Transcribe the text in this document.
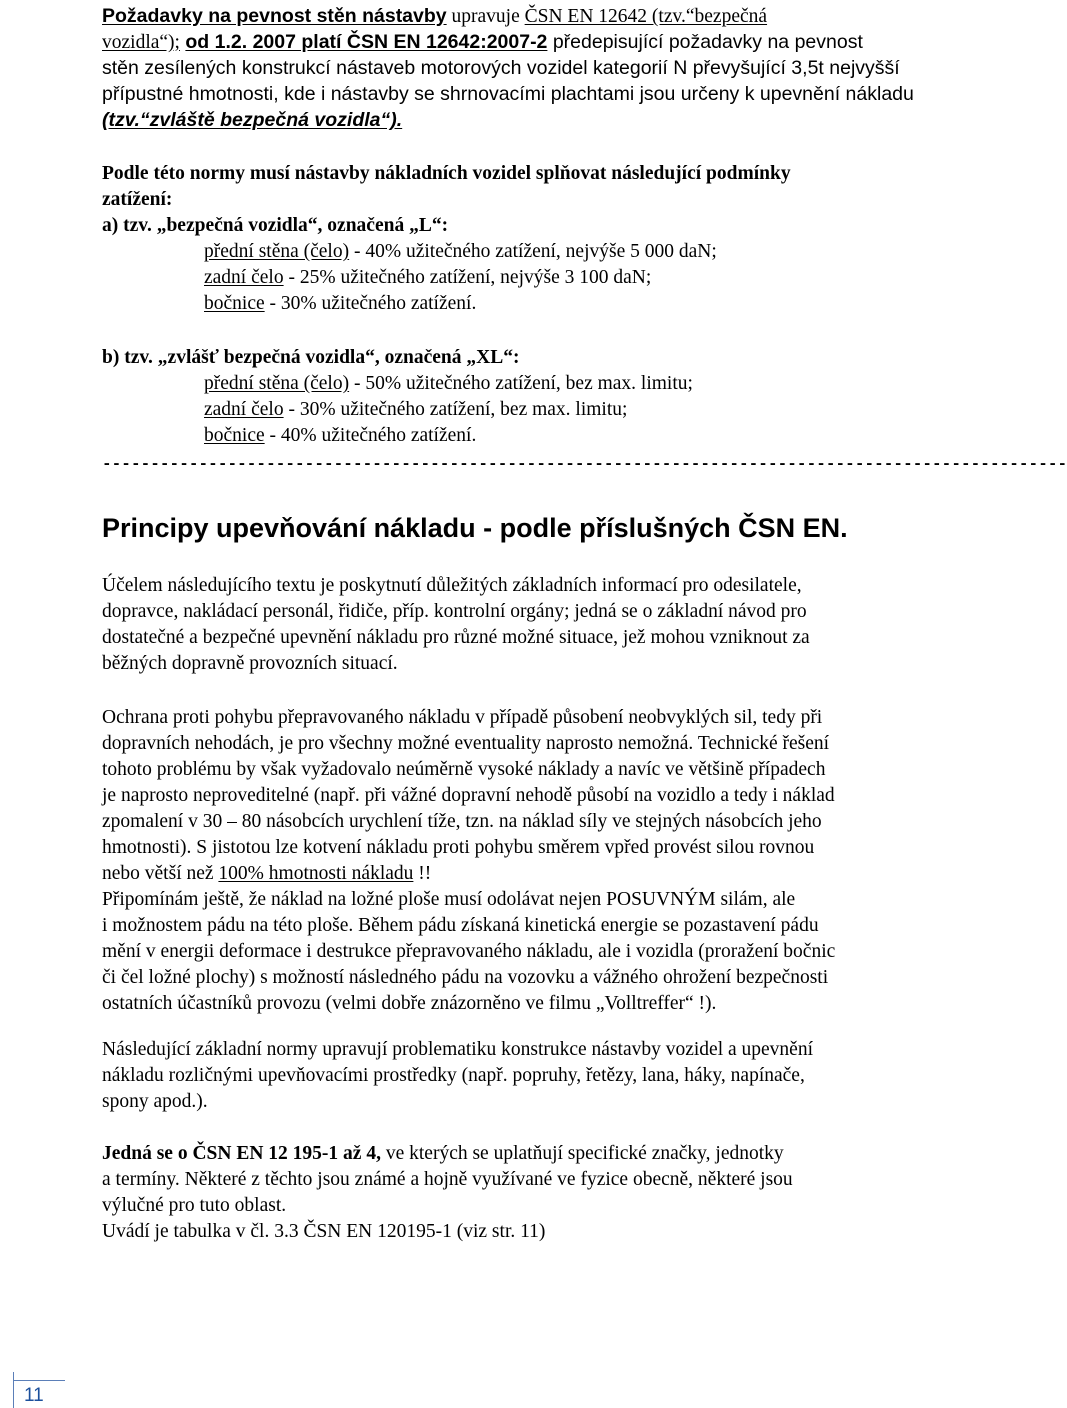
Požadavky na pevnost stěn nástavby upravuje ČSN EN 12642 (tzv.“bezpečná
vozidla“); od 1.2. 2007 platí ČSN EN 12642:2007-2 předepisující požadavky na pevnost
stěn zesílených konstrukcí nástaveb motorových vozidel kategorií N převyšující 3,5t nejvyšší
přípustné hmotnosti, kde i nástavby se shrnovacími plachtami jsou určeny k upevnění nákladu
(tzv.“zvláště bezpečná vozidla“).
Podle této normy musí nástavby nákladních vozidel splňovat následující podmínky
zatížení:
a) tzv. „bezpečná vozidla“, označená „L“:
přední stěna (čelo) - 40% užitečného zatížení, nejvýše 5 000 daN;
zadní čelo - 25% užitečného zatížení, nejvýše 3 100 daN;
bočnice - 30% užitečného zatížení.
b) tzv. „zvlášť bezpečná vozidla“, označená „XL“:
přední stěna (čelo) - 50% užitečného zatížení, bez max. limitu;
zadní čelo - 30% užitečného zatížení, bez max. limitu;
bočnice - 40% užitečného zatížení.
----------------------------------------------------------------------------------------------------
Principy upevňování nákladu - podle příslušných ČSN EN.
Účelem následujícího textu je poskytnutí důležitých základních informací pro odesilatele,
dopravce, nakládací personál, řidiče, příp. kontrolní orgány; jedná se o základní návod pro
dostatečné a bezpečné upevnění nákladu pro různé možné situace, jež mohou vzniknout za
běžných dopravně provozních situací.
Ochrana proti pohybu přepravovaného nákladu v případě působení neobvyklých sil, tedy při
dopravních nehodách, je pro všechny možné eventuality naprosto nemožná. Technické řešení
tohoto problému by však vyžadovalo neúměrně vysoké náklady a navíc ve většině případech
je naprosto neproveditelné (např. při vážné dopravní nehodě působí na vozidlo a tedy i náklad
zpomalení v 30 – 80 násobcích urychlení tíže, tzn. na náklad síly ve stejných násobcích jeho
hmotnosti). S jistotou lze kotvení nákladu proti pohybu směrem vpřed provést silou rovnou
nebo větší než 100% hmotnosti nákladu !!
Připomínám ještě, že náklad na ložné ploše musí odolávat nejen POSUVNÝM silám, ale
i možnostem pádu na této ploše. Během pádu získaná kinetická energie se pozastavení pádu
mění v energii deformace i destrukce přepravovaného nákladu, ale i vozidla (proražení bočnic
či čel ložné plochy) s možností následného pádu na vozovku a vážného ohrožení bezpečnosti
ostatních účastníků provozu (velmi dobře znázorněno ve filmu „Volltreffer“ !).
Následující základní normy upravují problematiku konstrukce nástavby vozidel a upevnění
nákladu rozličnými upevňovacími prostředky (např. popruhy, řetězy, lana, háky, napínače,
spony apod.).
Jedná se o ČSN EN 12 195-1 až 4, ve kterých se uplatňují specifické značky, jednotky
a termíny. Některé z těchto jsou známé a hojně využívané ve fyzice obecně, některé jsou
výlučné pro tuto oblast.
Uvádí je tabulka v čl. 3.3 ČSN EN 120195-1 (viz str. 11)
11
